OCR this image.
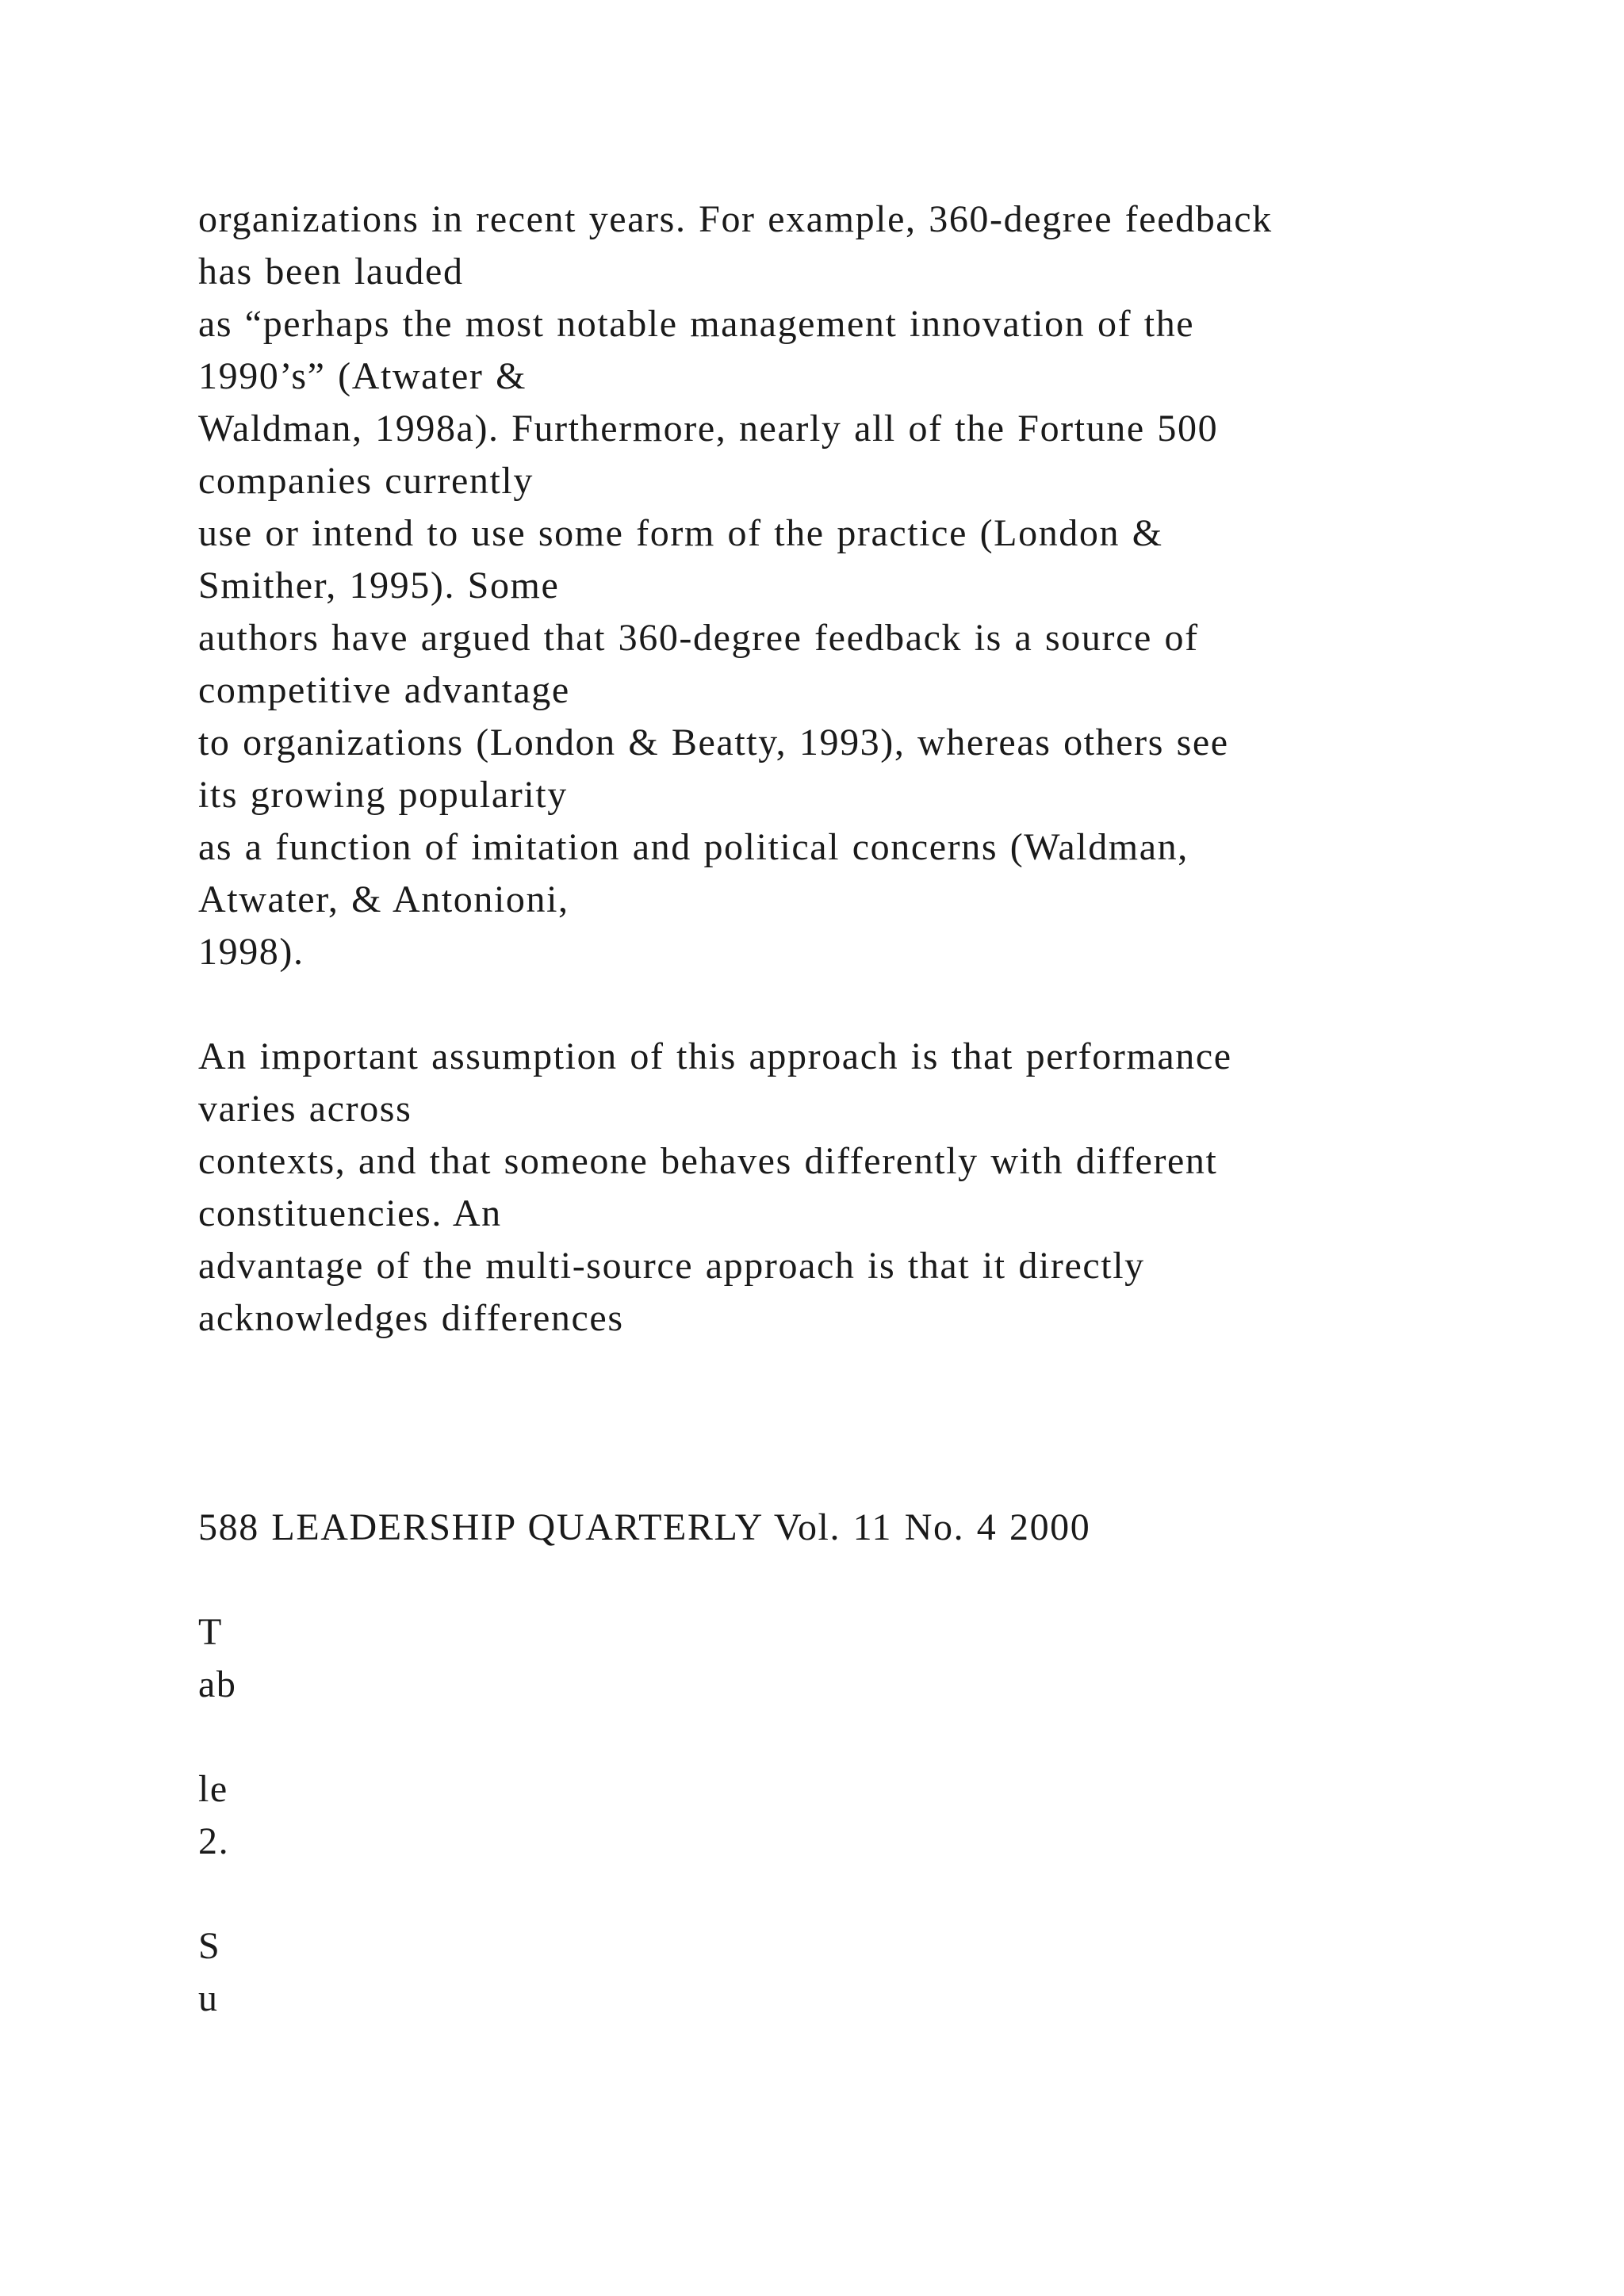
organizations in recent years. For example, 360-degree feedback
has been lauded
as “perhaps the most notable management innovation of the
1990’s” (Atwater &
Waldman, 1998a). Furthermore, nearly all of the Fortune 500
companies currently
use or intend to use some form of the practice (London &
Smither, 1995). Some
authors have argued that 360-degree feedback is a source of
competitive advantage
to organizations (London & Beatty, 1993), whereas others see
its growing popularity
as a function of imitation and political concerns (Waldman,
Atwater, & Antonioni,
1998).
An important assumption of this approach is that performance
varies across
contexts, and that someone behaves differently with different
constituencies. An
advantage of the multi-source approach is that it directly
acknowledges differences
588 LEADERSHIP QUARTERLY Vol. 11 No. 4 2000
T
ab
le
2.
S
u
